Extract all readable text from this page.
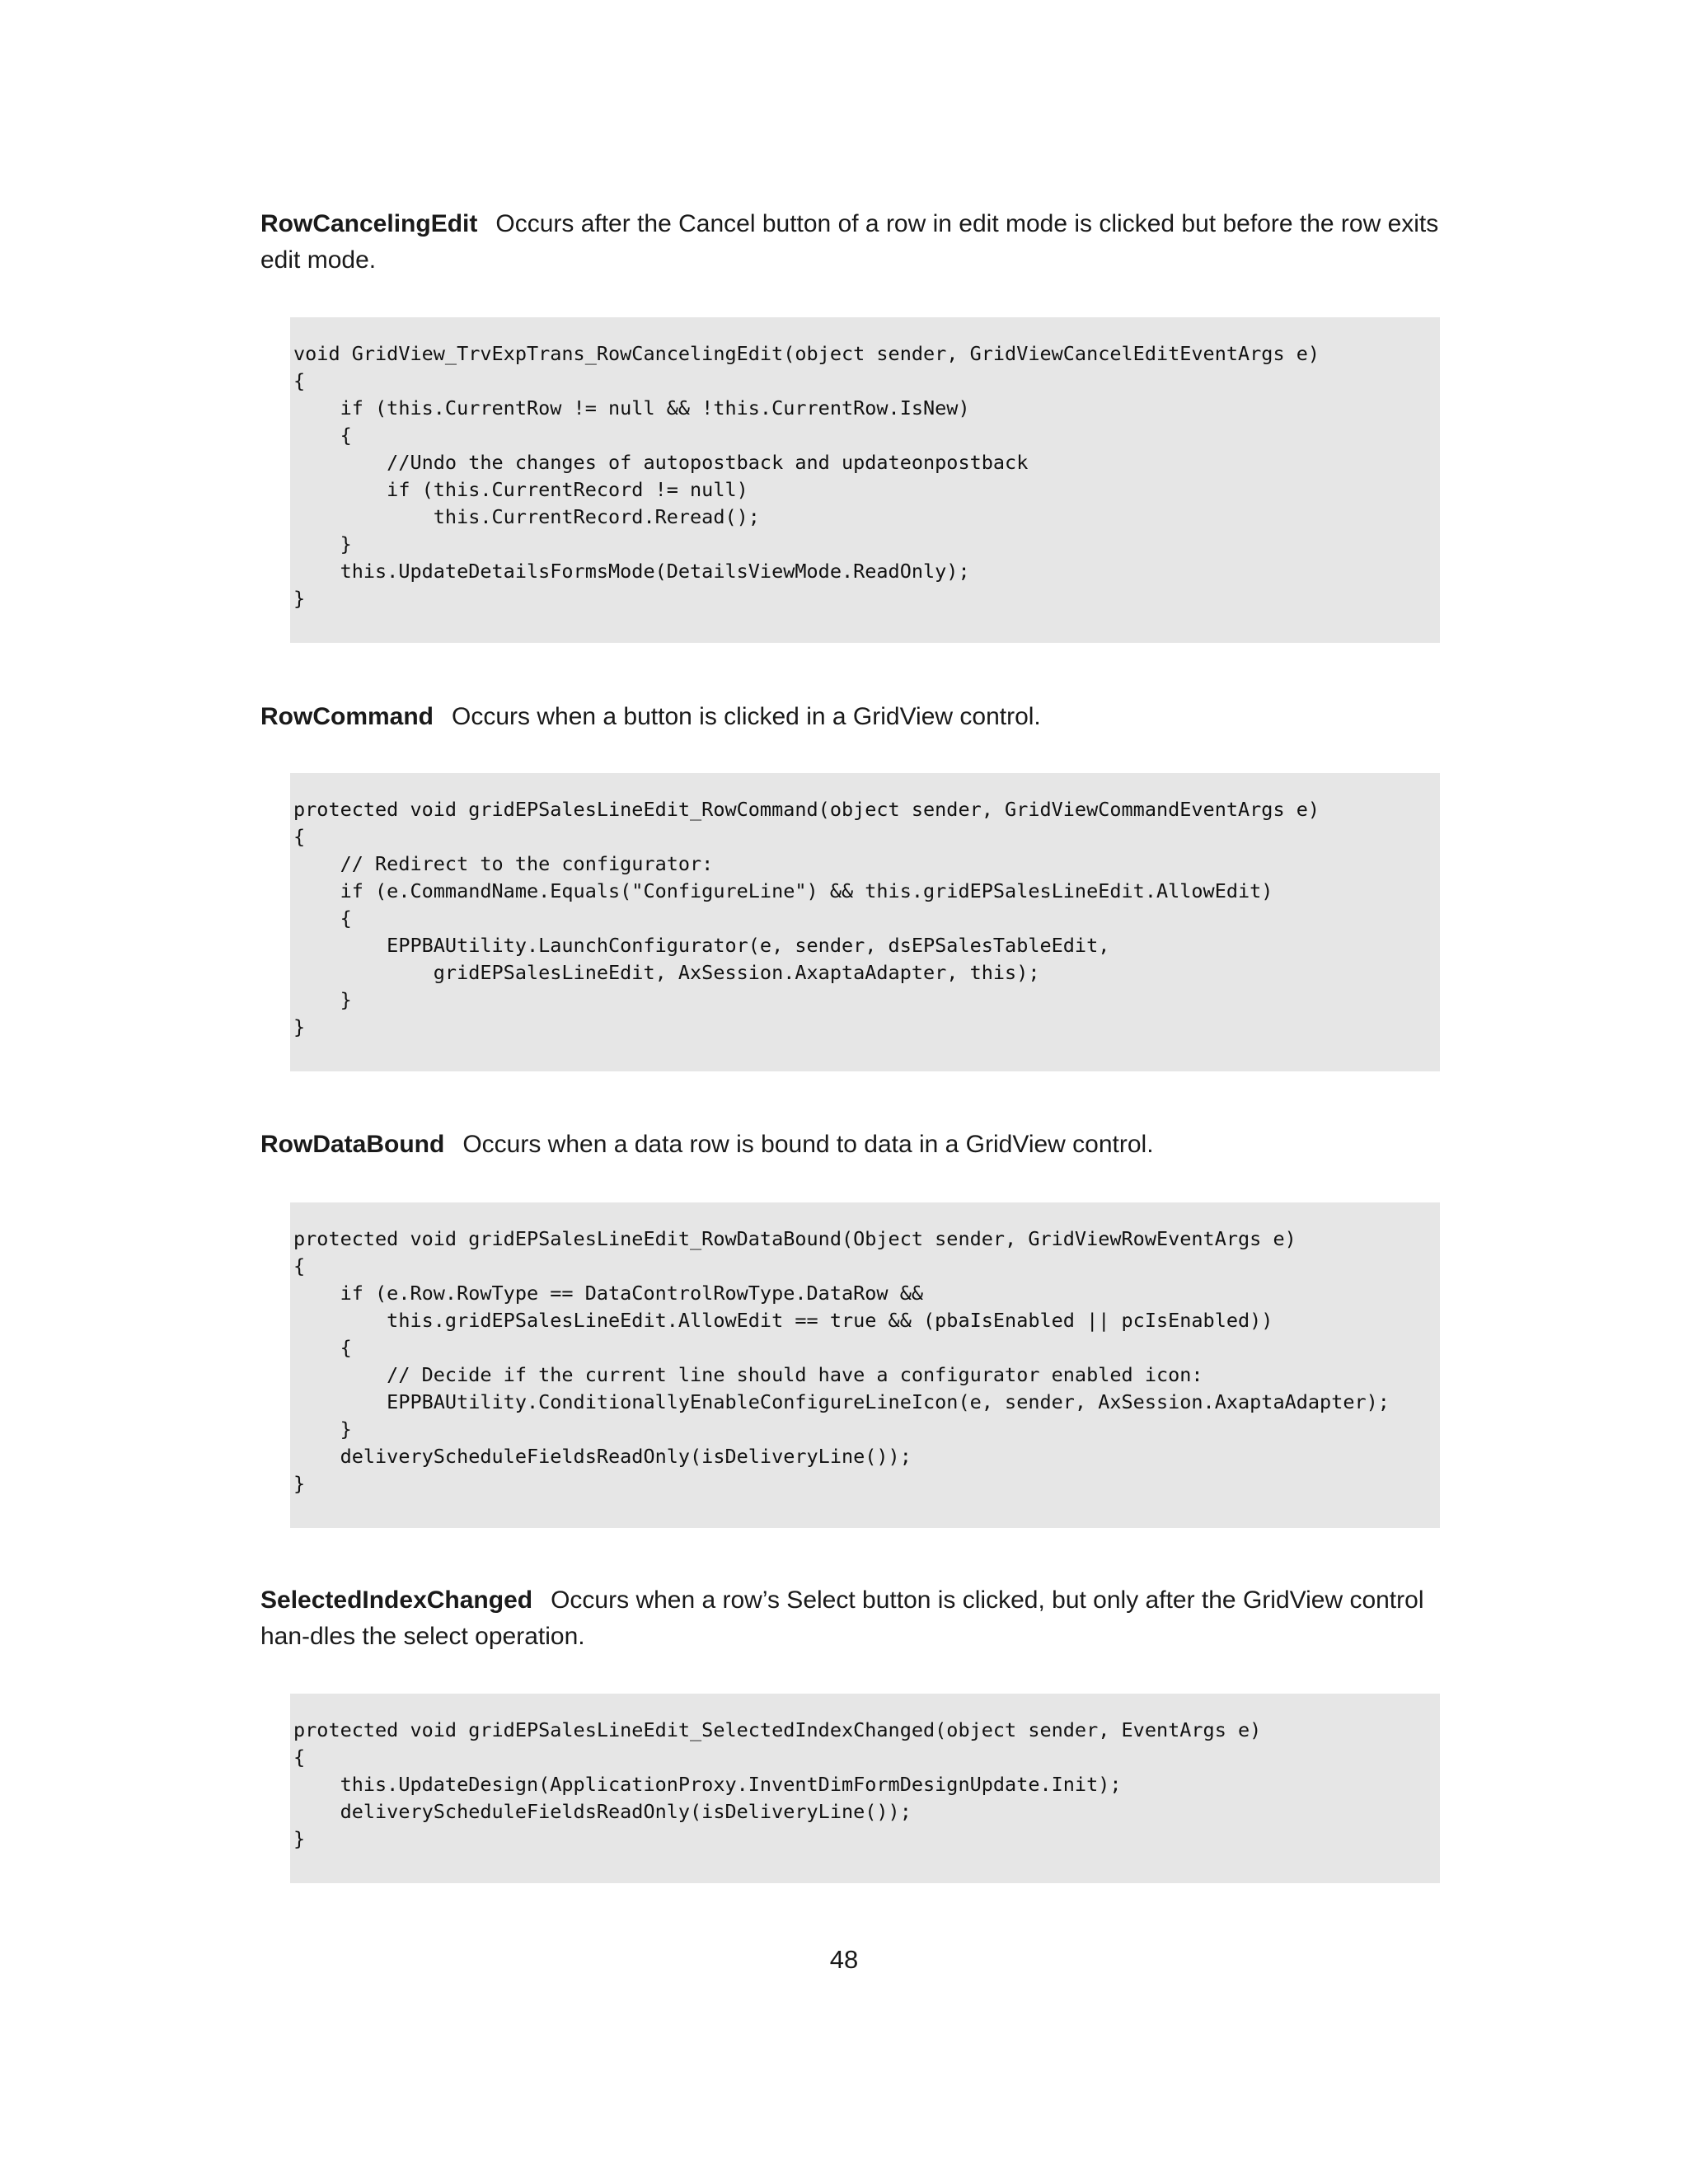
RowCancelingEdit Occurs after the Cancel button of a row in edit mode is clicked but before the row exits edit mode.

void GridView_TrvExpTrans_RowCancelingEdit(object sender, GridViewCancelEditEventArgs e)
{
if (this.CurrentRow != null && !this.CurrentRow.IsNew)
{
//Undo the changes of autopostback and updateonpostback
if (this.CurrentRecord != null)
this.CurrentRecord.Reread();
}
this.UpdateDetailsFormsMode(DetailsViewMode.ReadOnly);
}

RowCommand Occurs when a button is clicked in a GridView control.

protected void gridEPSalesLineEdit_RowCommand(object sender, GridViewCommandEventArgs e)
{
// Redirect to the configurator:
if (e.CommandName.Equals("ConfigureLine") && this.gridEPSalesLineEdit.AllowEdit)
{
EPPBAUtility.LaunchConfigurator(e, sender, dsEPSalesTableEdit,
gridEPSalesLineEdit, AxSession.AxaptaAdapter, this);
}
}

RowDataBound Occurs when a data row is bound to data in a GridView control.

protected void gridEPSalesLineEdit_RowDataBound(Object sender, GridViewRowEventArgs e)
{
if (e.Row.RowType == DataControlRowType.DataRow &&
this.gridEPSalesLineEdit.AllowEdit == true && (pbaIsEnabled || pcIsEnabled))
{
// Decide if the current line should have a configurator enabled icon:
EPPBAUtility.ConditionallyEnableConfigureLineIcon(e, sender, AxSession.AxaptaAdapter);
}
deliveryScheduleFieldsReadOnly(isDeliveryLine());
}

SelectedIndexChanged Occurs when a row’s Select button is clicked, but only after the GridView control han-dles the select operation.

protected void gridEPSalesLineEdit_SelectedIndexChanged(object sender, EventArgs e)
{
this.UpdateDesign(ApplicationProxy.InventDimFormDesignUpdate.Init);
deliveryScheduleFieldsReadOnly(isDeliveryLine());
}
48
